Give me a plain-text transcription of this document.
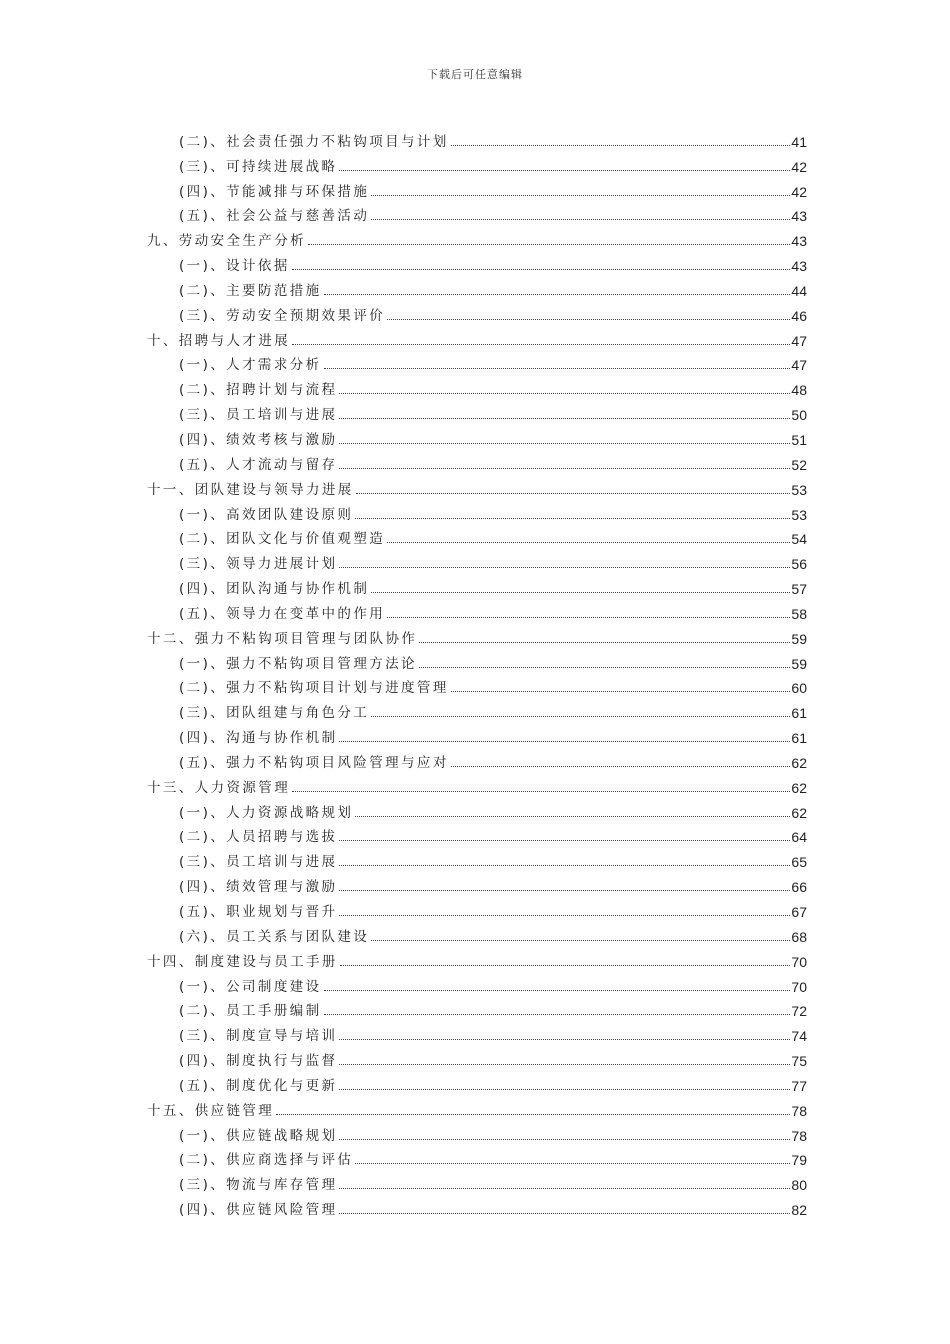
下载后可任意编辑
(二)、社会责任强力不粘钩项目与计划	41
(三)、可持续进展战略	42
(四)、节能减排与环保措施	42
(五)、社会公益与慈善活动	43
九、劳动安全生产分析	43
(一)、设计依据	43
(二)、主要防范措施	44
(三)、劳动安全预期效果评价	46
十、招聘与人才进展	47
(一)、人才需求分析	47
(二)、招聘计划与流程	48
(三)、员工培训与进展	50
(四)、绩效考核与激励	51
(五)、人才流动与留存	52
十一、团队建设与领导力进展	53
(一)、高效团队建设原则	53
(二)、团队文化与价值观塑造	54
(三)、领导力进展计划	56
(四)、团队沟通与协作机制	57
(五)、领导力在变革中的作用	58
十二、强力不粘钩项目管理与团队协作	59
(一)、强力不粘钩项目管理方法论	59
(二)、强力不粘钩项目计划与进度管理	60
(三)、团队组建与角色分工	61
(四)、沟通与协作机制	61
(五)、强力不粘钩项目风险管理与应对	62
十三、人力资源管理	62
(一)、人力资源战略规划	62
(二)、人员招聘与选拔	64
(三)、员工培训与进展	65
(四)、绩效管理与激励	66
(五)、职业规划与晋升	67
(六)、员工关系与团队建设	68
十四、制度建设与员工手册	70
(一)、公司制度建设	70
(二)、员工手册编制	72
(三)、制度宣导与培训	74
(四)、制度执行与监督	75
(五)、制度优化与更新	77
十五、供应链管理	78
(一)、供应链战略规划	78
(二)、供应商选择与评估	79
(三)、物流与库存管理	80
(四)、供应链风险管理	82
